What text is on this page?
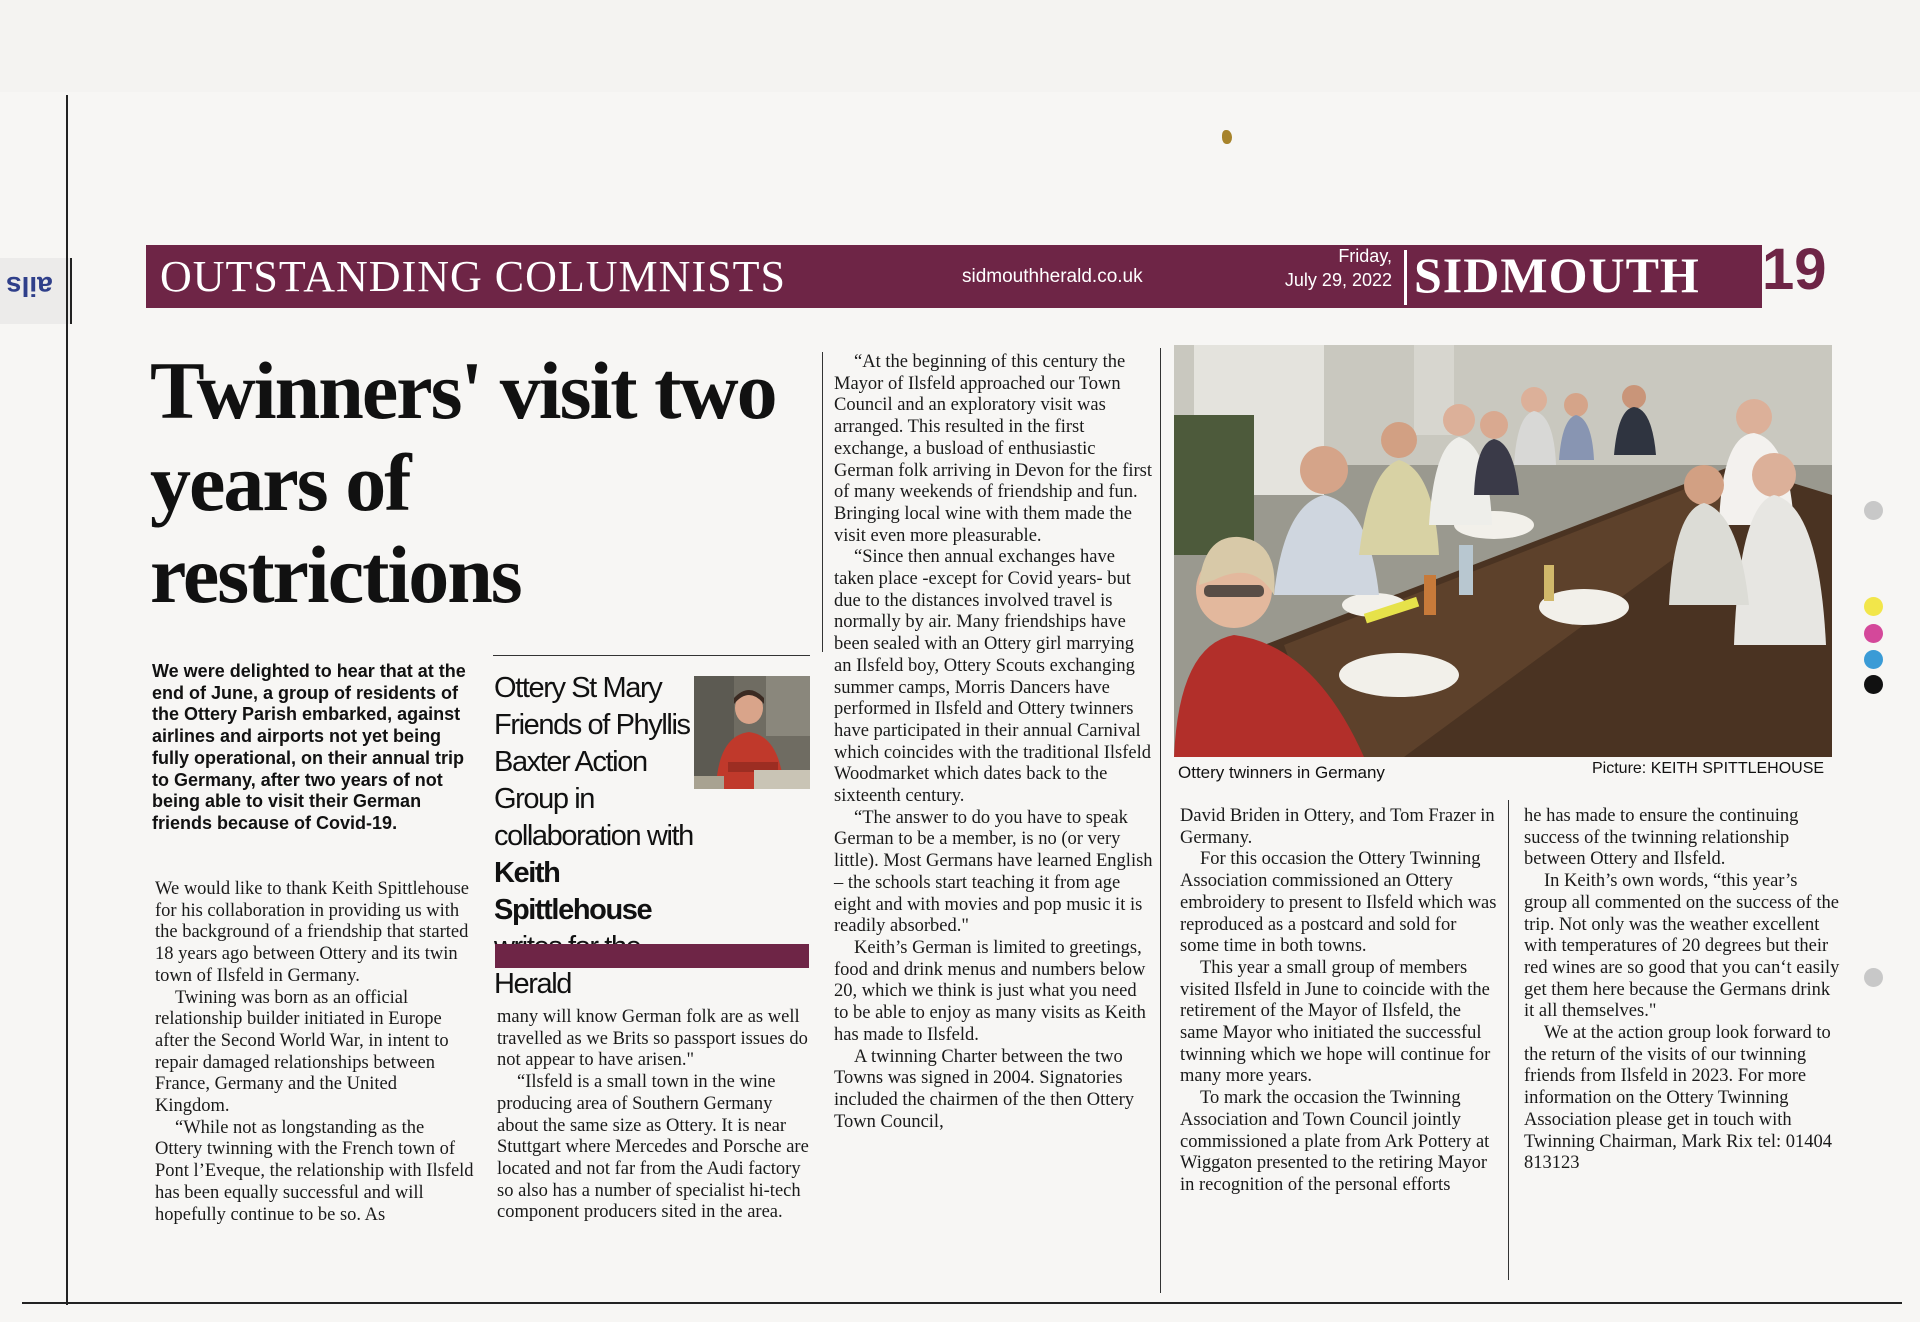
ails OUTSTANDING COLUMNISTS	sidmouthherald.co.uk
Friday,
July 29, 2022 SIDMOUTH 19
Twinners' visit two years of restrictions

We were delighted to hear that at the end of June, a group of residents of the Ottery Parish embarked, against airlines and airports not yet being fully operational, on their annual trip to Germany, after two years of not being able to visit their German friends because of Covid-19.

Ottery St Mary Friends of Phyllis Baxter Action Group in collaboration with Keith Spittlehouse Herald

We would like to thank Keith Spittlehouse for his collaboration in providing us with the background of a friendship that started 18 years ago between Ottery and its twin town of Ilsfeld in Germany.

Twining was born as an official relationship builder initiated in Europe after the Second World War, in intent to repair damaged relationships between France, Germany and the United Kingdom.

“While not as longstanding as the Ottery twinning with the French town of Pont l’Eveque, the relationship with Ilsfeld has been equally successful and will hopefully continue to be so. As

many will know German folk are as well travelled as we Brits so passport issues do not appear to have arisen."

“Ilsfeld is a small town in the wine producing area of Southern Germany about the same size as Ottery. It is near Stuttgart where Mercedes and Porsche are located and not far from the Audi factory so also has a number of specialist hi-tech component producers sited in the area.

“At the beginning of this century the Mayor of Ilsfeld approached our Town Council and an exploratory visit was arranged. This resulted in the first exchange, a busload of enthusiastic German folk arriving in Devon for the first of many weekends of friendship and fun. Bringing local wine with them made the visit even more pleasurable.

“Since then annual exchanges have taken place -except for Covid years- but due to the distances involved travel is normally by air. Many friendships have been sealed with an Ottery girl marrying an Ilsfeld boy, Ottery Scouts exchanging summer camps, Morris Dancers have performed in Ilsfeld and Ottery twinners have participated in their annual Carnival which coincides with the traditional Ilsfeld Woodmarket which dates back to the sixteenth century.

“The answer to do you have to speak German to be a member, is no (or very little). Most Germans have learned English – the schools start teaching it from age eight and with movies and pop music it is readily absorbed."

Keith’s German is limited to greetings, food and drink menus and numbers below 20, which we think is just what you need to be able to enjoy as many visits as Keith has made to Ilsfeld.

A twinning Charter between the two Towns was signed in 2004. Signatories included the chairmen of the then Ottery Town Council,

Ottery twinners in Germany	Picture: KEITH SPITTLEHOUSE

David Briden in Ottery, and Tom Frazer in Germany.

For this occasion the Ottery Twinning Association commissioned an Ottery embroidery to present to Ilsfeld which was reproduced as a postcard and sold for some time in both towns.

This year a small group of members visited Ilsfeld in June to coincide with the retirement of the Mayor of Ilsfeld, the same Mayor who initiated the successful twinning which we hope will continue for many more years.

To mark the occasion the Twinning Association and Town Council jointly commissioned a plate from Ark Pottery at Wiggaton presented to the retiring Mayor in recognition of the personal efforts

he has made to ensure the continuing success of the twinning relationship between Ottery and Ilsfeld.

In Keith’s own words, “this year’s group all commented on the success of the trip. Not only was the weather excellent with temperatures of 20 degrees but their red wines are so good that you can‘t easily get them here because the Germans drink it all themselves."

We at the action group look forward to the return of the visits of our twinning friends from Ilsfeld in 2023. For more information on the Ottery Twinning Association please get in touch with Twinning Chairman, Mark Rix tel: 01404 813123
